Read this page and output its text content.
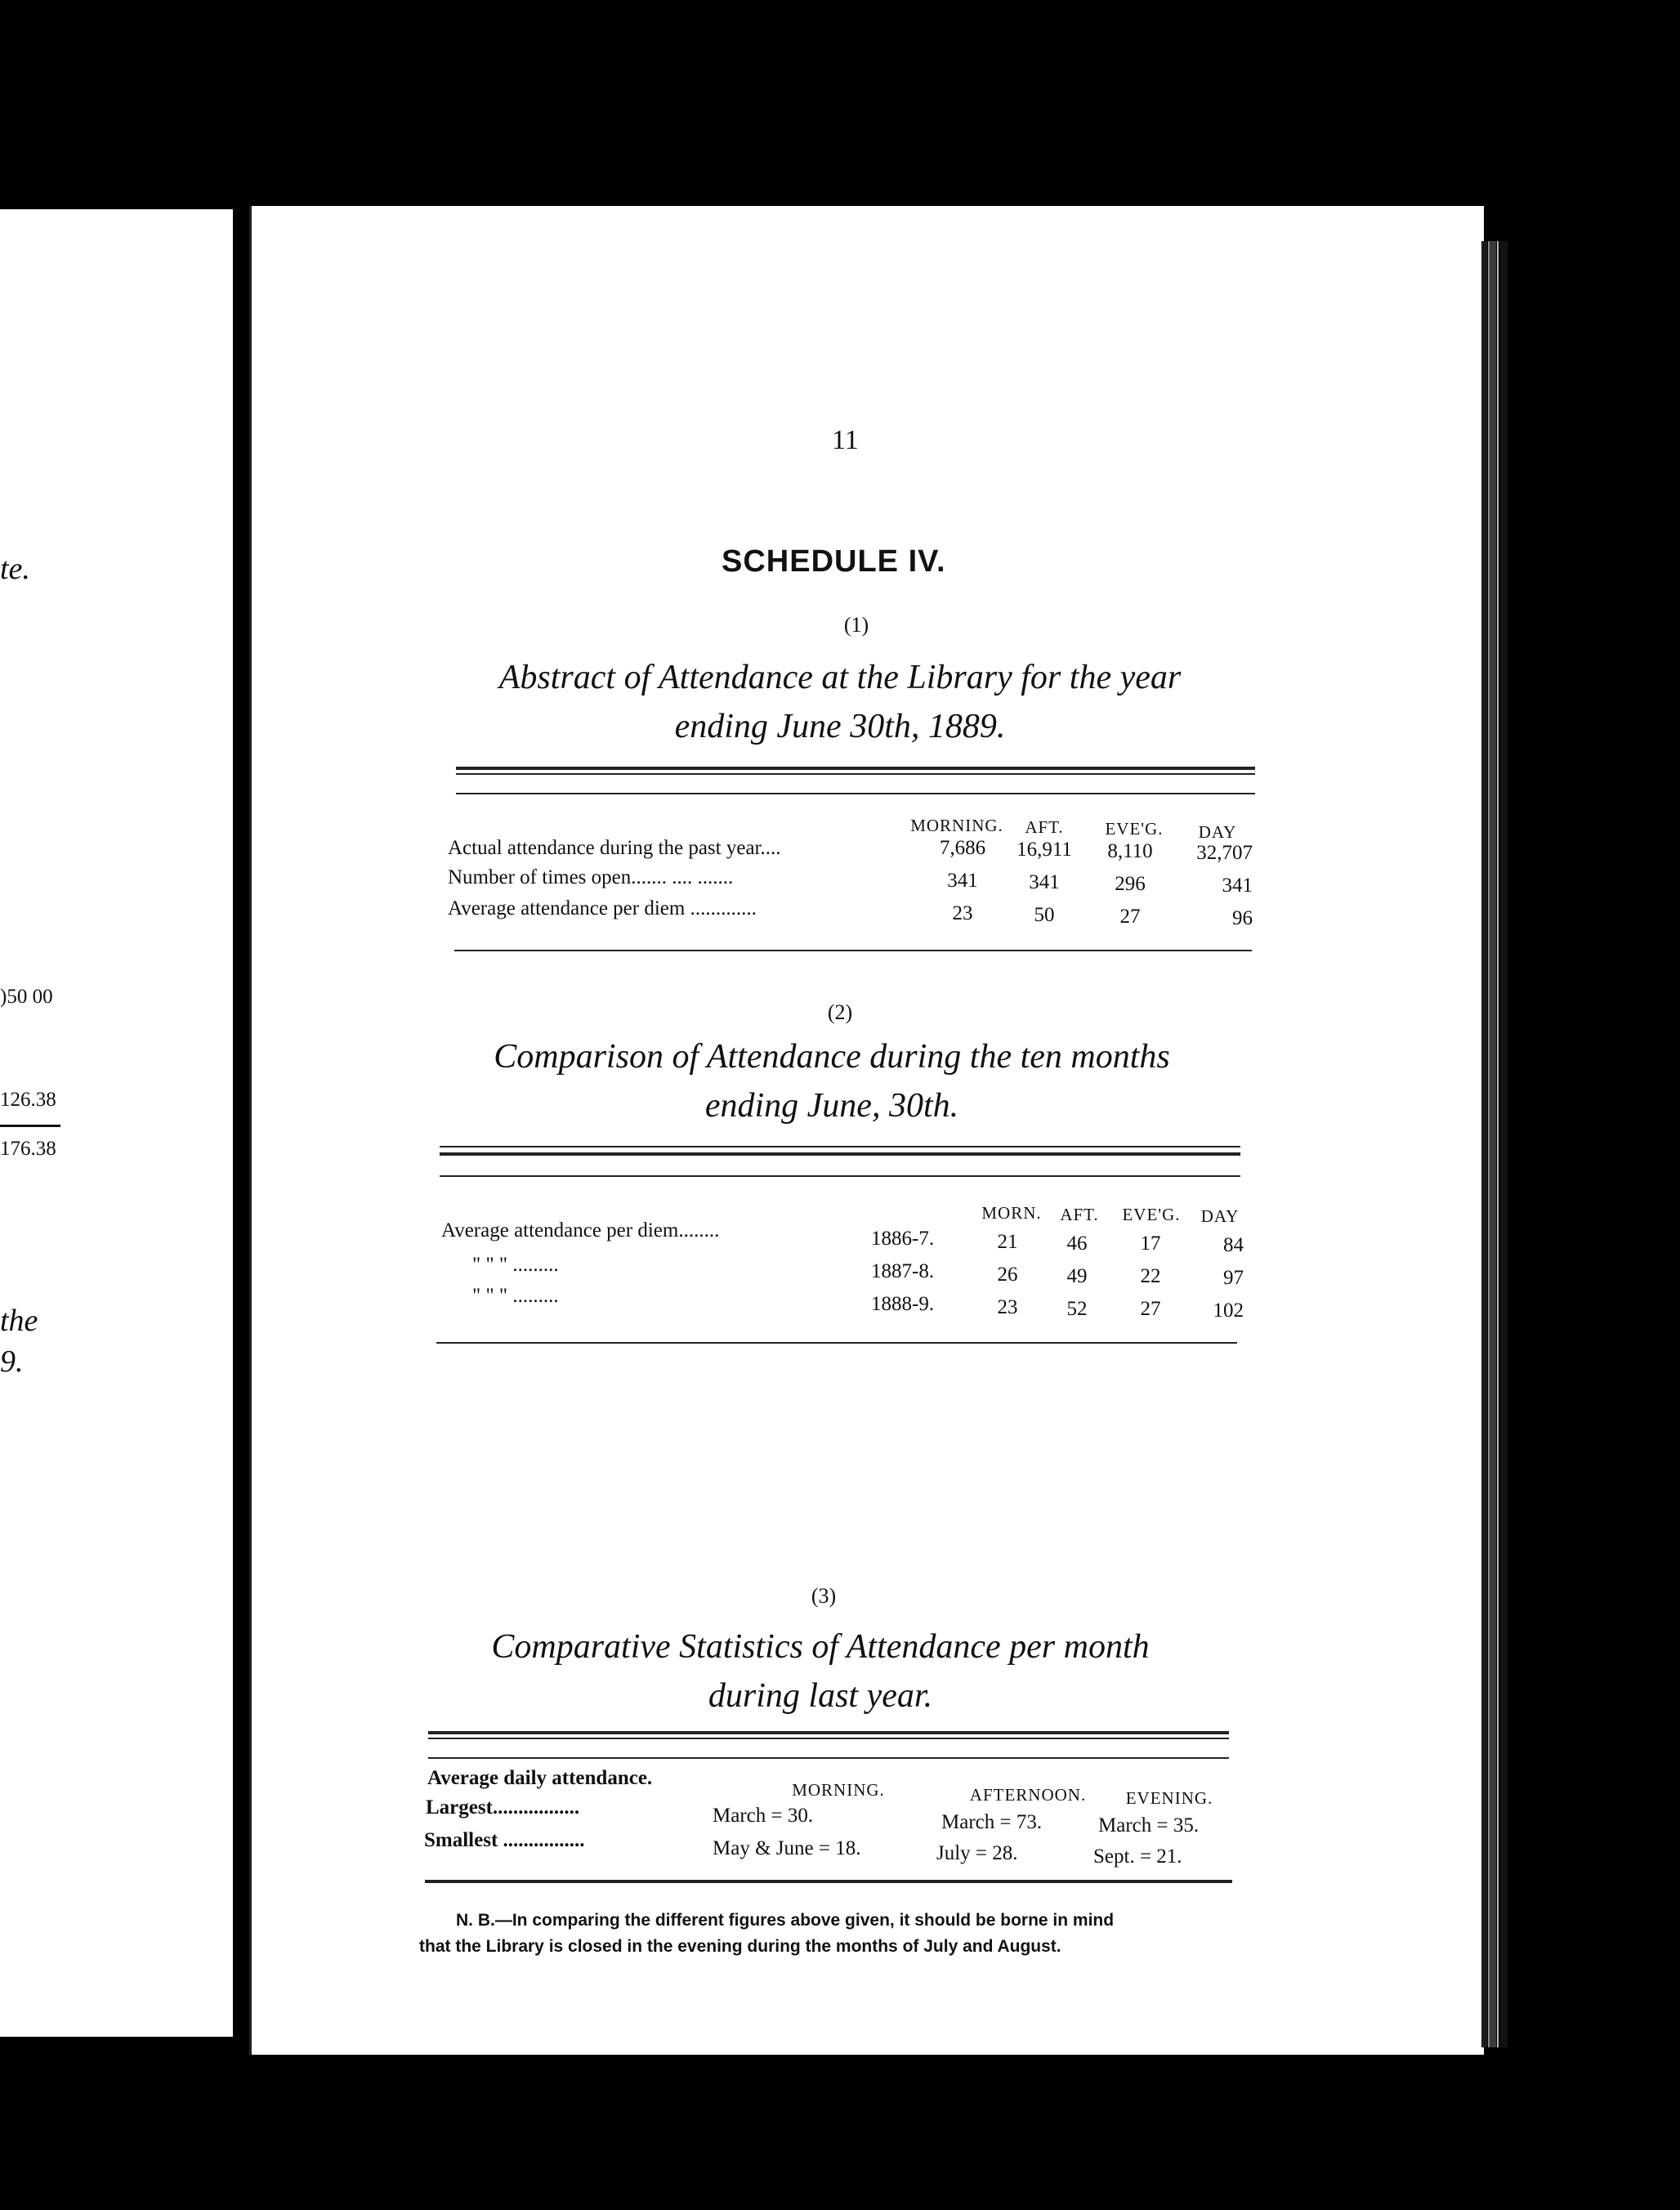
te.
)50 00
126.38
176.38
the
9.
11
SCHEDULE IV.
(1)
Abstract of Attendance at the Library for the year
ending June 30th, 1889.
MORNING.	AFT.	EVE'G.	DAY
Actual attendance during the past year....	7,686	16,911	8,110	32,707
Number of times open....... .... .......	341	341	296	341
Average attendance per diem .............	23	50	27	96
(2)
Comparison of Attendance during the ten months
ending June, 30th.
MORN.	AFT.	EVE'G.	DAY
Average attendance per diem........	1886-7.	21	46	17	84
" " " .........	1887-8.	26	49	22	97
" " " .........	1888-9.	23	52	27	102
(3)
Comparative Statistics of Attendance per month
during last year.
Average daily attendance.
MORNING.	AFTERNOON.	EVENING.
Largest.................	March = 30.	March = 73.	March = 35.
Smallest ................	May & June = 18.	July = 28.	Sept. = 21.
N. B.—In comparing the different figures above given, it should be borne in mind
that the Library is closed in the evening during the months of July and August.
